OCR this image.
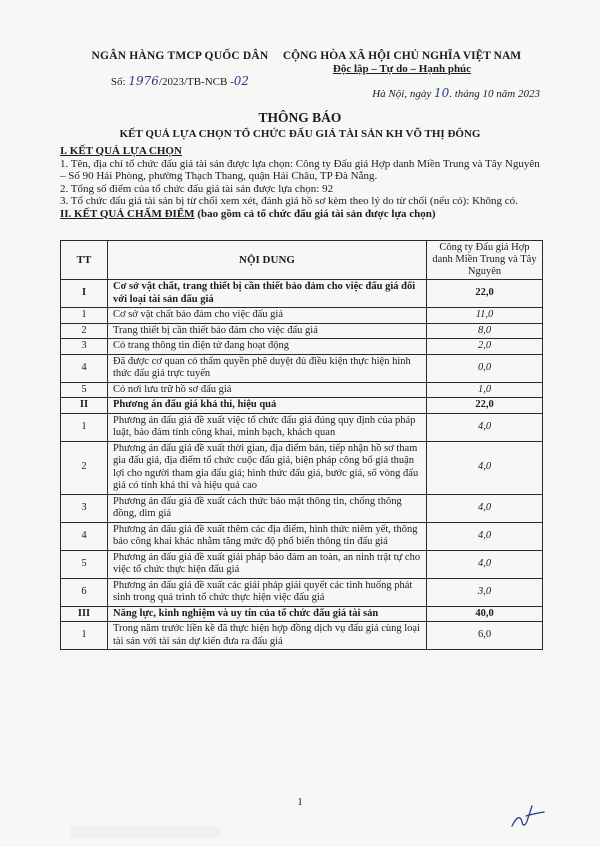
NGÂN HÀNG TMCP QUỐC DÂN
Số: 1976/2023/TB-NCB -02
CỘNG HÒA XÃ HỘI CHỦ NGHĨA VIỆT NAM
Độc lập – Tự do – Hạnh phúc
Hà Nội, ngày 10. tháng 10 năm 2023
THÔNG BÁO
KẾT QUẢ LỰA CHỌN TỔ CHỨC ĐẤU GIÁ TÀI SẢN KH VÕ THỊ ĐÔNG
I. KẾT QUẢ LỰA CHỌN
1. Tên, địa chỉ tổ chức đấu giá tài sản được lựa chọn: Công ty Đấu giá Hợp danh Miền Trung và Tây Nguyên – Số 90 Hải Phòng, phường Thạch Thang, quận Hải Châu, TP Đà Nẵng.
2. Tổng số điểm của tổ chức đấu giá tài sản được lựa chọn: 92
3. Tổ chức đấu giá tài sản bị từ chối xem xét, đánh giá hồ sơ kèm theo lý do từ chối (nếu có): Không có.
II. KẾT QUẢ CHẤM ĐIỂM (bao gồm cả tổ chức đấu giá tài sản được lựa chọn)
TT	NỘI DUNG	Công ty Đấu giá Hợp danh Miền Trung và Tây Nguyên
I	Cơ sở vật chất, trang thiết bị cần thiết bảo đảm cho việc đấu giá đối với loại tài sản đấu giá	22,0
1	Cơ sở vật chất bảo đảm cho việc đấu giá	11,0
2	Trang thiết bị cần thiết bảo đảm cho việc đấu giá	8,0
3	Có trang thông tin điện tử đang hoạt động	2,0
4	Đã được cơ quan có thẩm quyền phê duyệt đủ điều kiện thực hiện hình thức đấu giá trực tuyến	0,0
5	Có nơi lưu trữ hồ sơ đấu giá	1,0
II	Phương án đấu giá khả thi, hiệu quả	22,0
1	Phương án đấu giá đề xuất việc tổ chức đấu giá đúng quy định của pháp luật, bảo đảm tính công khai, minh bạch, khách quan	4,0
2	Phương án đấu giá đề xuất thời gian, địa điểm bán, tiếp nhận hồ sơ tham gia đấu giá, địa điểm tổ chức cuộc đấu giá, biện pháp công bố giá thuận lợi cho người tham gia đấu giá; hình thức đấu giá, bước giá, số vòng đấu giá có tính khả thi và hiệu quả cao	4,0
3	Phương án đấu giá đề xuất cách thức bảo mật thông tin, chống thông đồng, dìm giá	4,0
4	Phương án đấu giá đề xuất thêm các địa điểm, hình thức niêm yết, thông báo công khai khác nhằm tăng mức độ phổ biến thông tin đấu giá	4,0
5	Phương án đấu giá đề xuất giải pháp bảo đảm an toàn, an ninh trật tự cho việc tổ chức thực hiện đấu giá	4,0
6	Phương án đấu giá đề xuất các giải pháp giải quyết các tình huống phát sinh trong quá trình tổ chức thực hiện việc đấu giá	3,0
III	Năng lực, kinh nghiệm và uy tín của tổ chức đấu giá tài sản	40,0
1	Trong năm trước liền kề đã thực hiện hợp đồng dịch vụ đấu giá cùng loại tài sản với tài sản dự kiến đưa ra đấu giá	6,0
1
